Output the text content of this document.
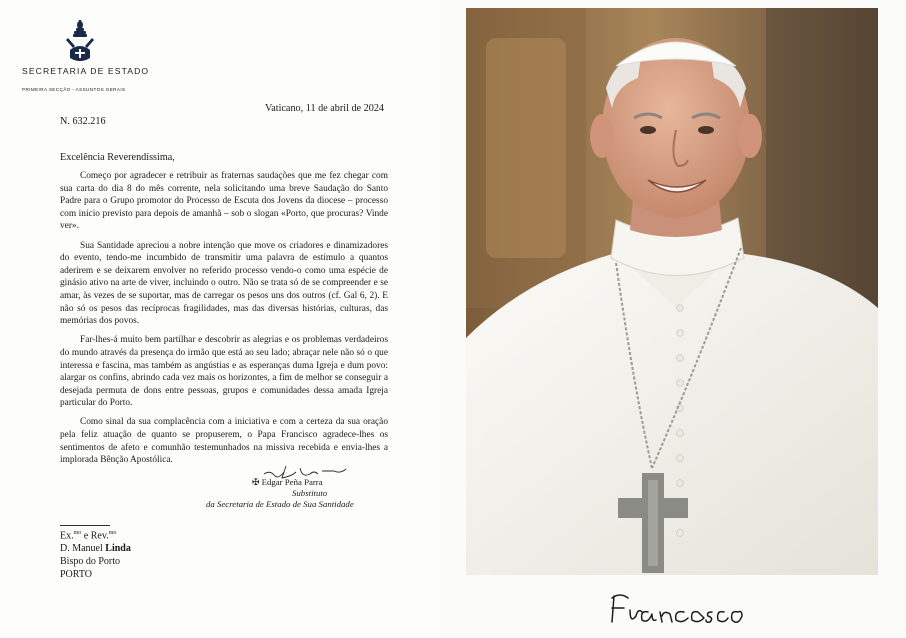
SECRETARIA DE ESTADO
PRIMEIRA SECÇÃO - ASSUNTOS GERAIS
Vaticano, 11 de abril de 2024
N. 632.216
Excelência Reverendíssima,

Começo por agradecer e retribuir as fraternas saudações que me fez chegar com sua carta do dia 8 do mês corrente, nela solicitando uma breve Saudação do Santo Padre para o Grupo promotor do Processo de Escuta dos Jovens da diocese – processo com início previsto para depois de amanhã – sob o slogan «Porto, que procuras? Vinde ver».

Sua Santidade apreciou a nobre intenção que move os criadores e dinamizadores do evento, tendo-me incumbido de transmitir uma palavra de estímulo a quantos aderirem e se deixarem envolver no referido processo vendo-o como uma espécie de ginásio ativo na arte de viver, incluindo o outro. Não se trata só de se compreender e se amar, às vezes de se suportar, mas de carregar os pesos uns dos outros (cf. Gal 6, 2). E não só os pesos das recíprocas fragilidades, mas das diversas histórias, culturas, das memórias dos povos.

Far-lhes-á muito bem partilhar e descobrir as alegrias e os problemas verdadeiros do mundo através da presença do irmão que está ao seu lado; abraçar nele não só o que interessa e fascina, mas também as angústias e as esperanças duma Igreja e dum povo: alargar os confins, abrindo cada vez mais os horizontes, a fim de melhor se conseguir a desejada permuta de dons entre pessoas, grupos e comunidades dessa amada Igreja particular do Porto.

Como sinal da sua complacência com a iniciativa e com a certeza da sua oração pela feliz atuação de quanto se propuserem, o Papa Francisco agradece-lhes os sentimentos de afeto e comunhão testemunhados na missiva recebida e envia-lhes a implorada Bênção Apostólica.

✠ Edgar Peña Parra
Substituto
da Secretaria de Estado de Sua Santidade
Ex.$^{mo}$ e Rev.$^{mo}$
D. Manuel Linda
Bispo do Porto
PORTO
